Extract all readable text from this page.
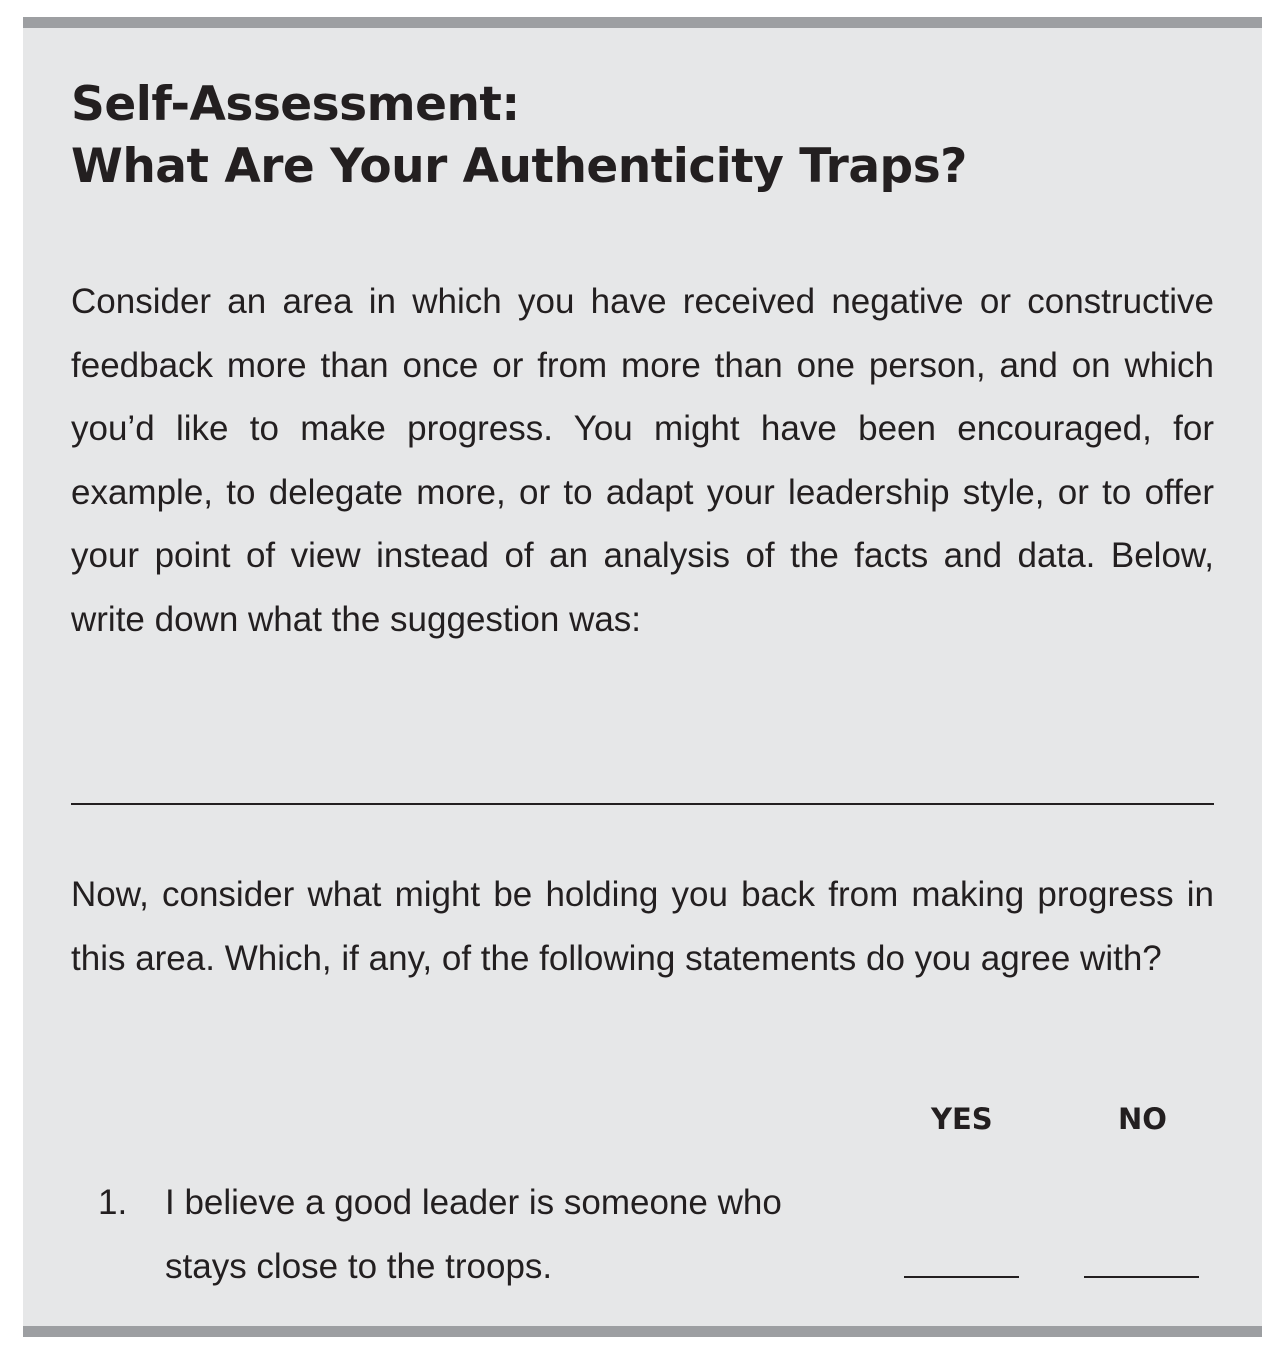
Self-Assessment:
What Are Your Authenticity Traps?

Consider an area in which you have received negative or constructive feedback more than once or from more than one person, and on which you’d like to make progress. You might have been encouraged, for example, to delegate more, or to adapt your leadership style, or to offer your point of view instead of an analysis of the facts and data. Below, write down what the suggestion was:

Now, consider what might be holding you back from making progress in this area. Which, if any, of the following statements do you agree with?

YES	NO
1. I believe a good leader is someone who stays close to the troops.
